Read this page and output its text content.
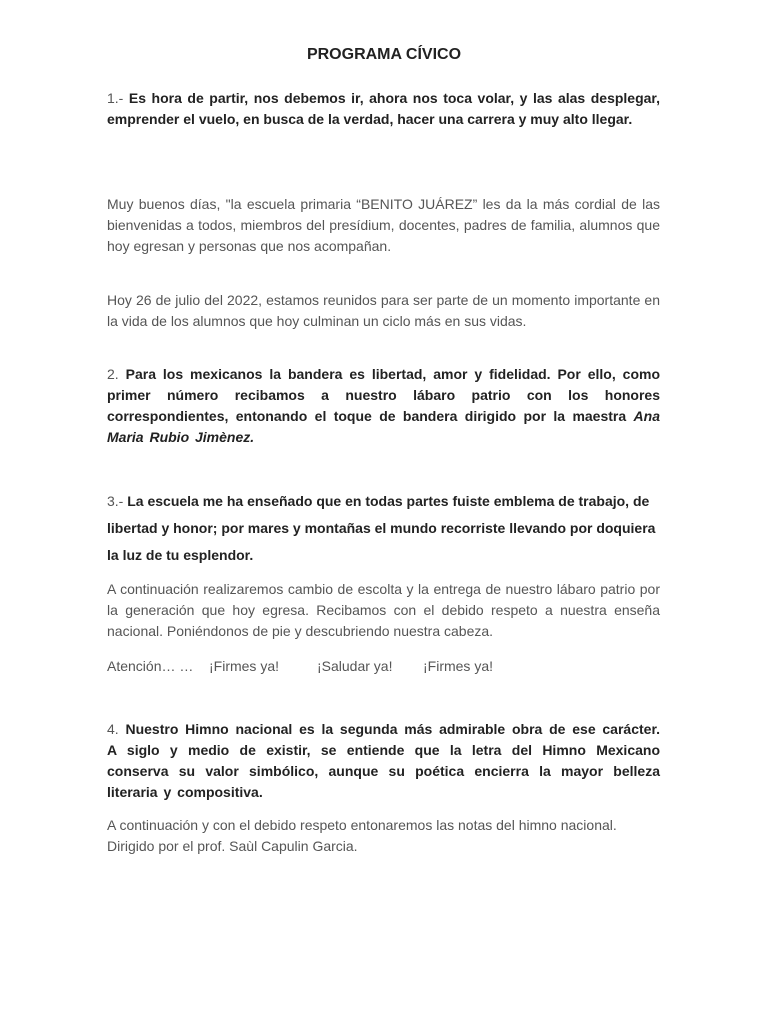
PROGRAMA CÍVICO

1.- Es hora de partir, nos debemos ir, ahora nos toca volar, y las alas desplegar, emprender el vuelo, en busca de la verdad, hacer una carrera y muy alto llegar.

Muy buenos días, "la escuela primaria “BENITO JUÁREZ” les da la más cordial de las bienvenidas a todos, miembros del presídium, docentes, padres de familia, alumnos que hoy egresan y personas que nos acompañan.

Hoy 26 de julio del 2022, estamos reunidos para ser parte de un momento importante en la vida de los alumnos que hoy culminan un ciclo más en sus vidas.

2. Para los mexicanos la bandera es libertad, amor y fidelidad. Por ello, como primer número recibamos a nuestro lábaro patrio con los honores correspondientes, entonando el toque de bandera dirigido por la maestra Ana Maria Rubio Jimènez.

3.- La escuela me ha enseñado que en todas partes fuiste emblema de trabajo, de libertad y honor; por mares y montañas el mundo recorriste llevando por doquiera la luz de tu esplendor.

A continuación realizaremos cambio de escolta y la entrega de nuestro lábaro patrio por la generación que hoy egresa. Recibamos con el debido respeto a nuestra enseña nacional. Poniéndonos de pie y descubriendo nuestra cabeza.

Atención… … ¡Firmes ya!	¡Saludar ya! ¡Firmes ya!

4. Nuestro Himno nacional es la segunda más admirable obra de ese carácter. A siglo y medio de existir, se entiende que la letra del Himno Mexicano conserva su valor simbólico, aunque su poética encierra la mayor belleza literaria y compositiva.

A continuación y con el debido respeto entonaremos las notas del himno nacional. Dirigido por el prof. Saùl Capulin Garcia.
